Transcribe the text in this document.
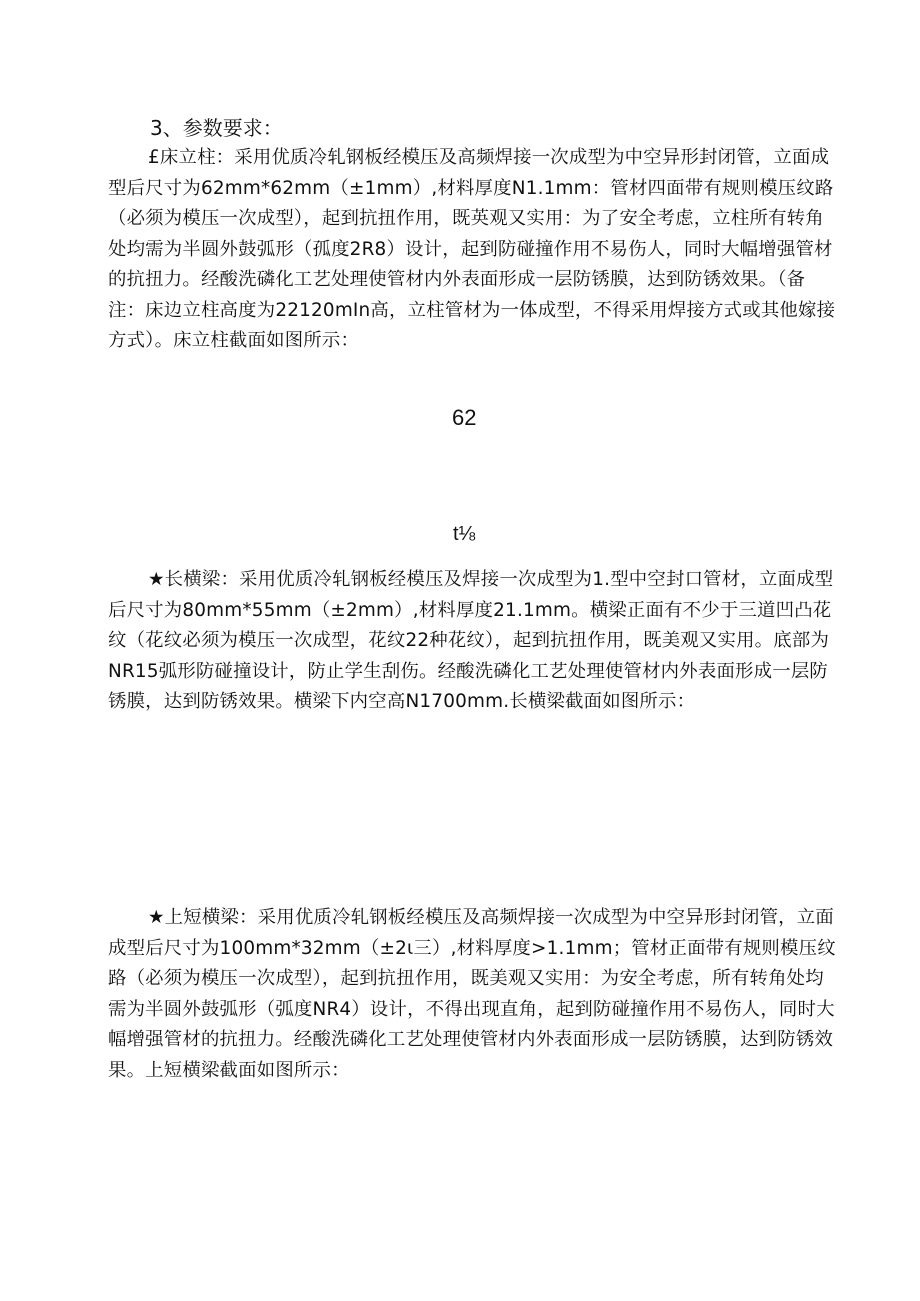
3、参数要求：

£床立柱：采用优质冷轧钢板经模压及高频焊接一次成型为中空异形封闭管，立面成型后尺寸为62mm*62mm（±1mm）,材料厚度N1.1mm：管材四面带有规则模压纹路（必须为模压一次成型），起到抗扭作用，既英观又实用：为了安全考虑，立柱所有转角处均需为半圆外鼓弧形（孤度2R8）设计，起到防碰撞作用不易伤人，同时大幅增强管材的抗扭力。经酸洗磷化工艺处理使管材内外表面形成一层防锈膜，达到防锈效果。（备注：床边立柱高度为22120mIn高，立柱管材为一体成型，不得采用焊接方式或其他嫁接方式）。床立柱截面如图所示：

62
t⅛

★长横梁：采用优质冷轧钢板经模压及焊接一次成型为1.型中空封口管材，立面成型后尺寸为80mm*55mm（±2mm）,材料厚度21.1mm。横梁正面有不少于三道凹凸花纹（花纹必须为模压一次成型，花纹22种花纹），起到抗扭作用，既美观又实用。底部为NR15弧形防碰撞设计，防止学生刮伤。经酸洗磷化工艺处理使管材内外表面形成一层防锈膜，达到防锈效果。横梁下内空高N1700mm.长横梁截面如图所示：

★上短横梁：采用优质冷轧钢板经模压及高频焊接一次成型为中空异形封闭管，立面成型后尺寸为100mm*32mm（±2ι三）,材料厚度>1.1mm；管材正面带有规则模压纹路（必须为模压一次成型），起到抗扭作用，既美观又实用：为安全考虑，所有转角处均需为半圆外鼓弧形（弧度NR4）设计，不得出现直角，起到防碰撞作用不易伤人，同时大幅增强管材的抗扭力。经酸洗磷化工艺处理使管材内外表面形成一层防锈膜，达到防锈效果。上短横梁截面如图所示：
